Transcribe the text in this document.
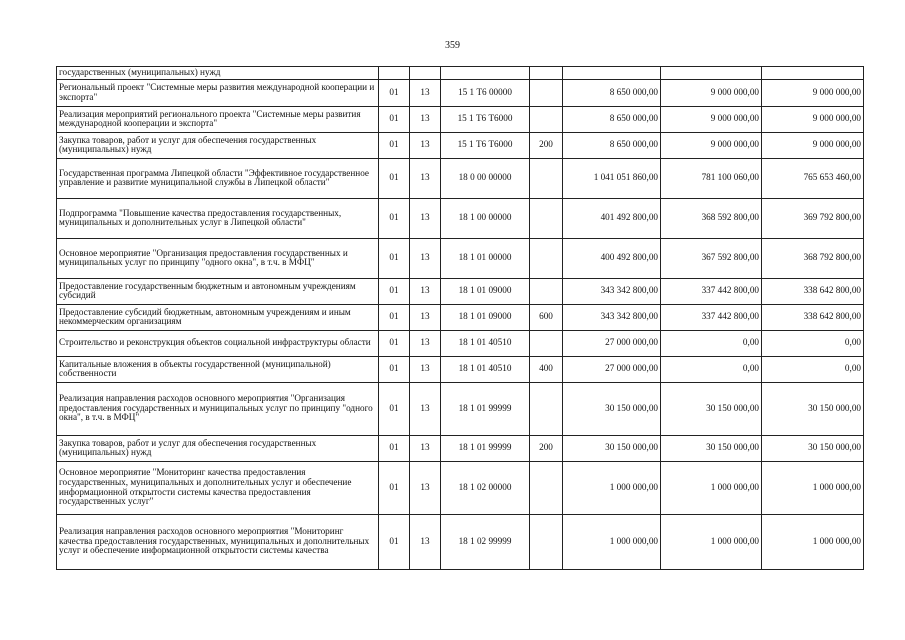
359
государственных (муниципальных) нужд							
Региональный проект "Системные меры развития международной кооперации и экспорта"	01	13	15 1 Т6 00000		8 650 000,00	9 000 000,00	9 000 000,00
Реализация мероприятий регионального проекта "Системные меры развития международной кооперации и экспорта"	01	13	15 1 Т6 Т6000		8 650 000,00	9 000 000,00	9 000 000,00
Закупка товаров, работ и услуг для обеспечения государственных (муниципальных) нужд	01	13	15 1 Т6 Т6000	200	8 650 000,00	9 000 000,00	9 000 000,00
Государственная программа Липецкой области "Эффективное государственное управление и развитие муниципальной службы в Липецкой области"	01	13	18 0 00 00000		1 041 051 860,00	781 100 060,00	765 653 460,00
Подпрограмма "Повышение качества предоставления государственных, муниципальных и дополнительных услуг в Липецкой области"	01	13	18 1 00 00000		401 492 800,00	368 592 800,00	369 792 800,00
Основное мероприятие "Организация предоставления государственных и муниципальных услуг по принципу "одного окна", в т.ч. в МФЦ"	01	13	18 1 01 00000		400 492 800,00	367 592 800,00	368 792 800,00
Предоставление государственным бюджетным и автономным учреждениям субсидий	01	13	18 1 01 09000		343 342 800,00	337 442 800,00	338 642 800,00
Предоставление субсидий бюджетным, автономным учреждениям и иным некоммерческим организациям	01	13	18 1 01 09000	600	343 342 800,00	337 442 800,00	338 642 800,00
Строительство и реконструкция объектов социальной инфраструктуры области	01	13	18 1 01 40510		27 000 000,00	0,00	0,00
Капитальные вложения в объекты государственной (муниципальной) собственности	01	13	18 1 01 40510	400	27 000 000,00	0,00	0,00
Реализация направления расходов основного мероприятия "Организация предоставления государственных и муниципальных услуг по принципу "одного окна", в т.ч. в МФЦ"	01	13	18 1 01 99999		30 150 000,00	30 150 000,00	30 150 000,00
Закупка товаров, работ и услуг для обеспечения государственных (муниципальных) нужд	01	13	18 1 01 99999	200	30 150 000,00	30 150 000,00	30 150 000,00
Основное мероприятие "Мониторинг качества предоставления государственных, муниципальных и дополнительных услуг и обеспечение информационной открытости системы качества предоставления государственных услуг"	01	13	18 1 02 00000		1 000 000,00	1 000 000,00	1 000 000,00
Реализация направления расходов основного мероприятия "Мониторинг качества предоставления государственных, муниципальных и дополнительных услуг и обеспечение информационной открытости системы качества	01	13	18 1 02 99999		1 000 000,00	1 000 000,00	1 000 000,00
